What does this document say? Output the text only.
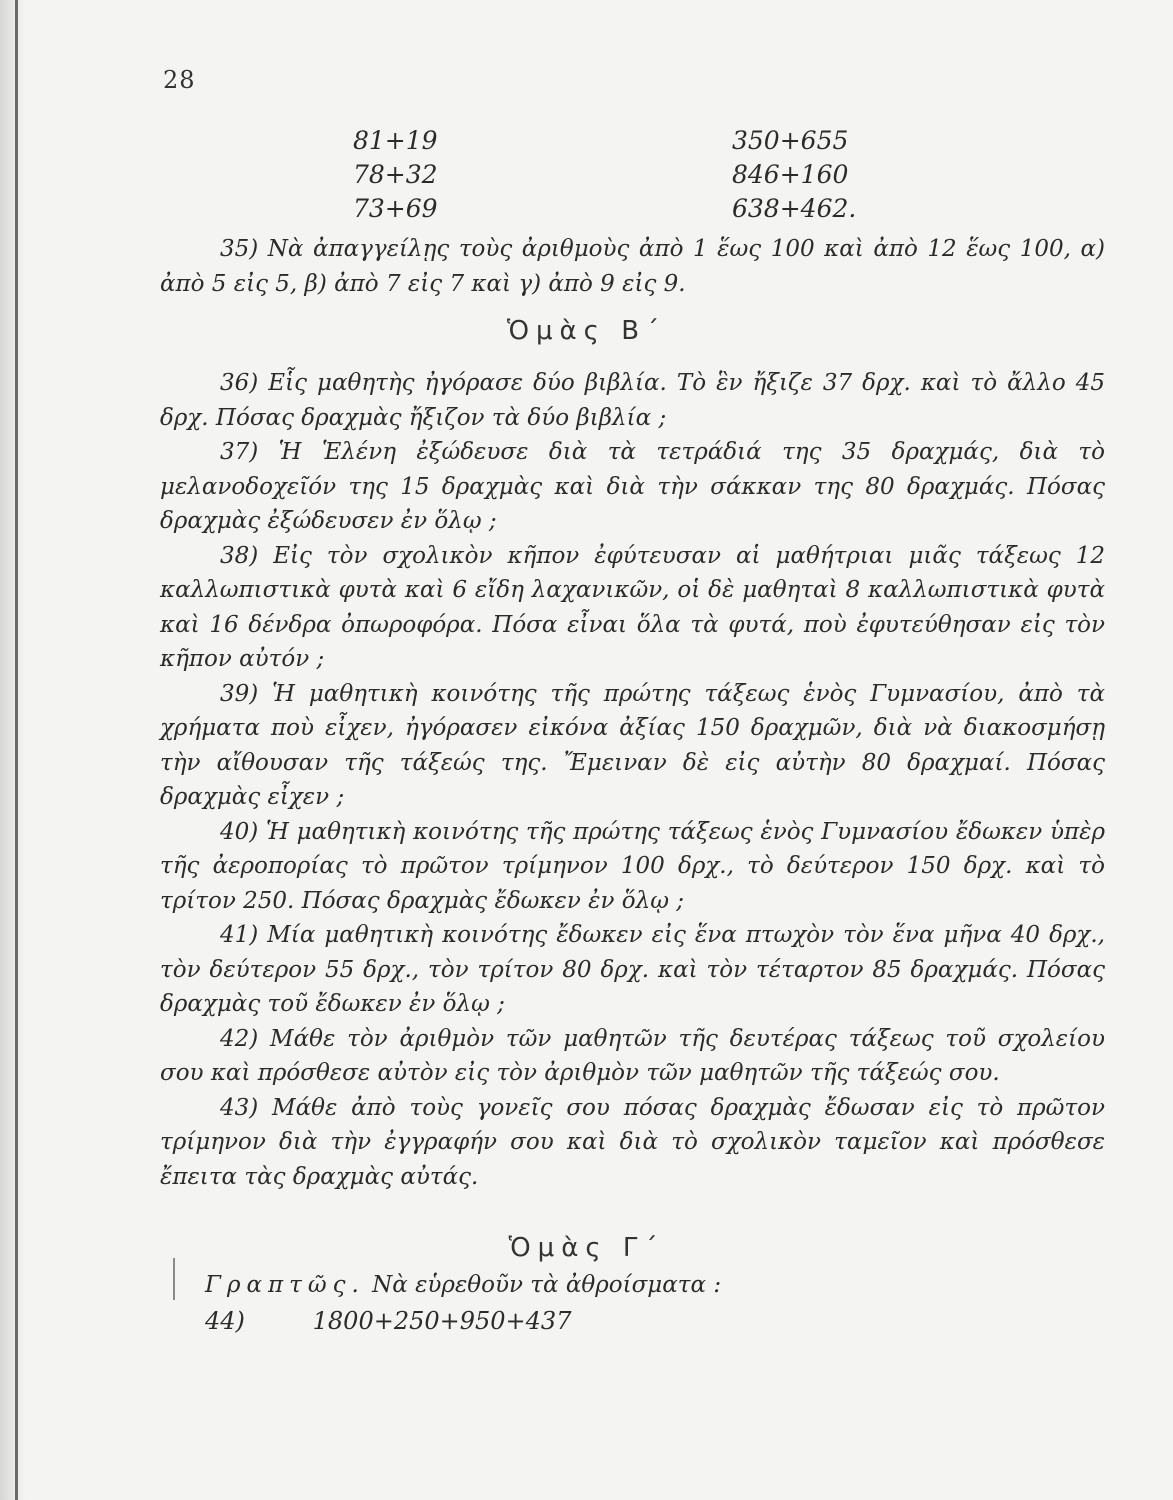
28
81+19
78+32
73+69
350+655
846+160
638+462.

35) Νὰ ἀπαγγείλῃς τοὺς ἀριθμοὺς ἀπὸ 1 ἕως 100 καὶ ἀπὸ 12 ἕως 100, α) ἀπὸ 5 εἰς 5, β) ἀπὸ 7 εἰς 7 καὶ γ) ἀπὸ 9 εἰς 9.

Ὁμὰς Β΄

36) Εἷς μαθητὴς ἠγόρασε δύο βιβλία. Τὸ ἓν ἤξιζε 37 δρχ. καὶ τὸ ἄλλο 45 δρχ. Πόσας δραχμὰς ἤξιζον τὰ δύο βιβλία ;

37) Ἡ Ἑλένη ἐξώδευσε διὰ τὰ τετράδιά της 35 δραχμάς, διὰ τὸ μελανοδοχεῖόν της 15 δραχμὰς καὶ διὰ τὴν σάκκαν της 80 δραχμάς. Πόσας δραχμὰς ἐξώδευσεν ἐν ὅλῳ ;

38) Εἰς τὸν σχολικὸν κῆπον ἐφύτευσαν αἱ μαθήτριαι μιᾶς τάξεως 12 καλλωπιστικὰ φυτὰ καὶ 6 εἴδη λαχανικῶν, οἱ δὲ μαθηταὶ 8 καλλωπιστικὰ φυτὰ καὶ 16 δένδρα ὀπωροφόρα. Πόσα εἶναι ὅλα τὰ φυτά, ποὺ ἐφυτεύθησαν εἰς τὸν κῆπον αὐτόν ;

39) Ἡ μαθητικὴ κοινότης τῆς πρώτης τάξεως ἑνὸς Γυμνασίου, ἀπὸ τὰ χρήματα ποὺ εἶχεν, ἠγόρασεν εἰκόνα ἀξίας 150 δραχμῶν, διὰ νὰ διακοσμήσῃ τὴν αἴθουσαν τῆς τάξεώς της. Ἔμειναν δὲ εἰς αὐτὴν 80 δραχμαί. Πόσας δραχμὰς εἶχεν ;

40) Ἡ μαθητικὴ κοινότης τῆς πρώτης τάξεως ἑνὸς Γυμνασίου ἔδωκεν ὑπὲρ τῆς ἀεροπορίας τὸ πρῶτον τρίμηνον 100 δρχ., τὸ δεύτερον 150 δρχ. καὶ τὸ τρίτον 250. Πόσας δραχμὰς ἔδωκεν ἐν ὅλῳ ;

41) Μία μαθητικὴ κοινότης ἔδωκεν εἰς ἕνα πτωχὸν τὸν ἕνα μῆνα 40 δρχ., τὸν δεύτερον 55 δρχ., τὸν τρίτον 80 δρχ. καὶ τὸν τέταρτον 85 δραχμάς. Πόσας δραχμὰς τοῦ ἔδωκεν ἐν ὅλῳ ;

42) Μάθε τὸν ἀριθμὸν τῶν μαθητῶν τῆς δευτέρας τάξεως τοῦ σχολείου σου καὶ πρόσθεσε αὐτὸν εἰς τὸν ἀριθμὸν τῶν μαθητῶν τῆς τάξεώς σου.

43) Μάθε ἀπὸ τοὺς γονεῖς σου πόσας δραχμὰς ἔδωσαν εἰς τὸ πρῶτον τρίμηνον διὰ τὴν ἐγγραφήν σου καὶ διὰ τὸ σχολικὸν ταμεῖον καὶ πρόσθεσε ἔπειτα τὰς δραχμὰς αὐτάς.

Ὁμὰς Γ΄
Γραπτῶς. Νὰ εὑρεθοῦν τὰ ἀθροίσματα :
44)	1800+250+950+437
